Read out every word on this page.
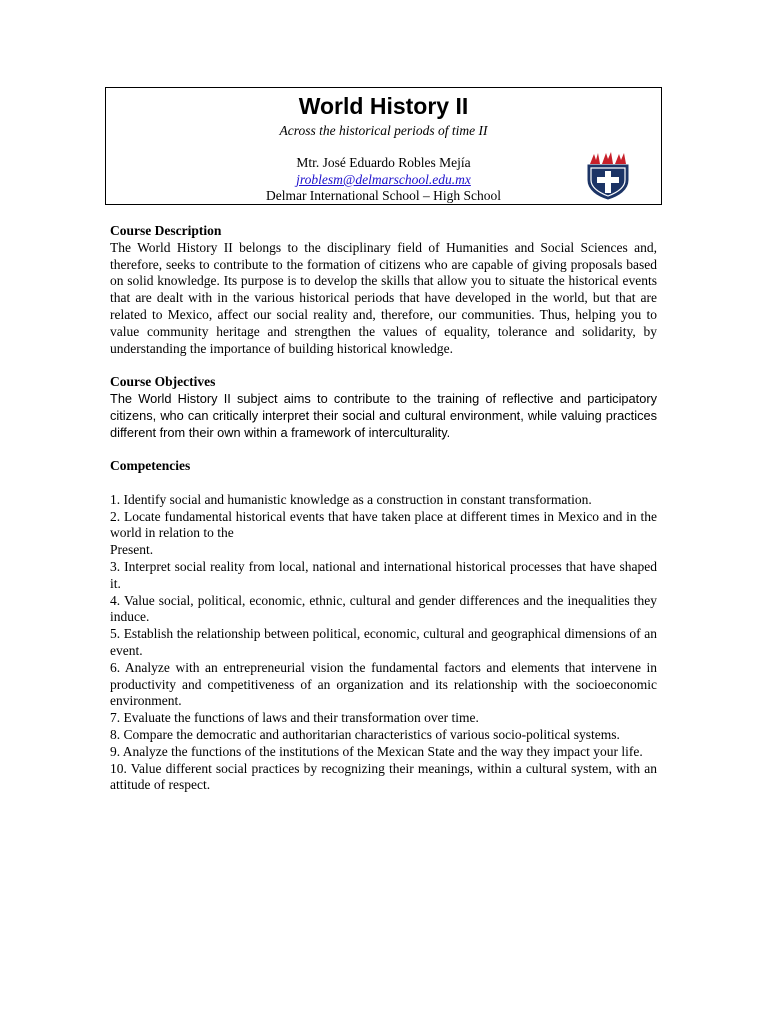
World History II
Across the historical periods of time II
Mtr. José Eduardo Robles Mejía
jroblesm@delmarschool.edu.mx
Delmar International School – High School

Course Description

The World History II belongs to the disciplinary field of Humanities and Social Sciences and, therefore, seeks to contribute to the formation of citizens who are capable of giving proposals based on solid knowledge. Its purpose is to develop the skills that allow you to situate the historical events that are dealt with in the various historical periods that have developed in the world, but that are related to Mexico, affect our social reality and, therefore, our communities. Thus, helping you to value community heritage and strengthen the values of equality, tolerance and solidarity, by understanding the importance of building historical knowledge.

Course Objectives

The World History II subject aims to contribute to the training of reflective and participatory citizens, who can critically interpret their social and cultural environment, while valuing practices different from their own within a framework of interculturality.

Competencies

1. Identify social and humanistic knowledge as a construction in constant transformation.

2. Locate fundamental historical events that have taken place at different times in Mexico and in the world in relation to the

Present.

3. Interpret social reality from local, national and international historical processes that have shaped it.

4. Value social, political, economic, ethnic, cultural and gender differences and the inequalities they induce.

5. Establish the relationship between political, economic, cultural and geographical dimensions of an event.

6. Analyze with an entrepreneurial vision the fundamental factors and elements that intervene in productivity and competitiveness of an organization and its relationship with the socioeconomic environment.

7. Evaluate the functions of laws and their transformation over time.

8. Compare the democratic and authoritarian characteristics of various socio-political systems.

9. Analyze the functions of the institutions of the Mexican State and the way they impact your life.

10. Value different social practices by recognizing their meanings, within a cultural system, with an attitude of respect.
